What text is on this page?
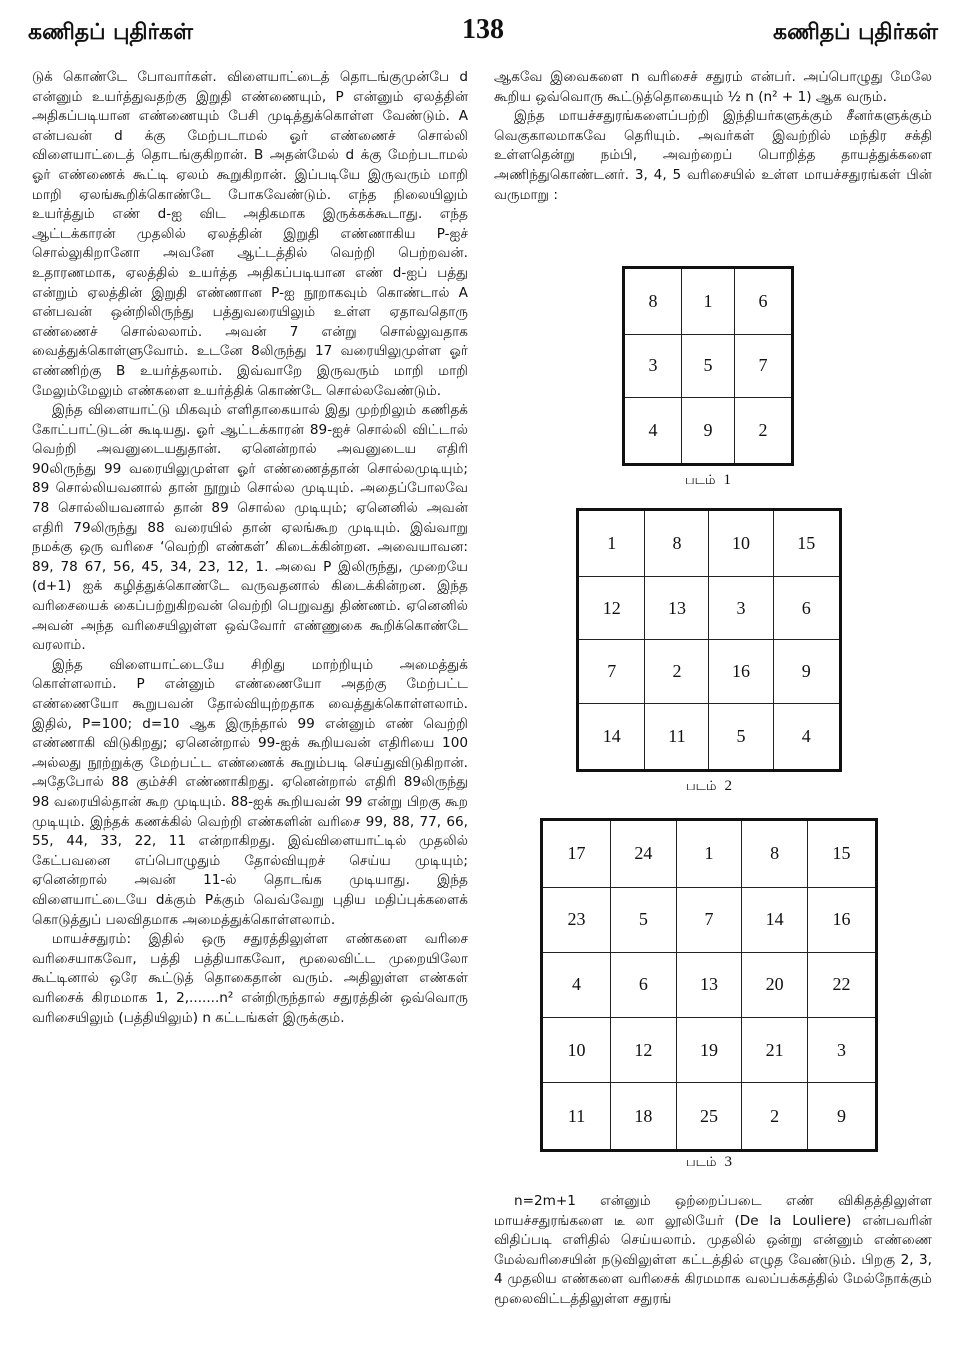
கணிதப் புதிர்கள்	138	கணிதப் புதிர்கள்

டுக் கொண்டே போவார்கள். விளையாட்டைத் தொடங்குமுன்பே d என்னும் உயர்த்துவதற்கு இறுதி எண்ணையும், P என்னும் ஏலத்தின் அதிகப்படியான எண்ணையும் பேசி முடித்துக்கொள்ள வேண்டும். A என்பவன் d க்கு மேற்படாமல் ஓர் எண்ணைச் சொல்லி விளையாட்டைத் தொடங்குகிறான். B அதன்மேல் d க்கு மேற்படாமல் ஓர் எண்ணைக் கூட்டி ஏலம் கூறுகிறான். இப்படியே இருவரும் மாறி மாறி ஏலங்கூறிக்கொண்டே போகவேண்டும். எந்த நிலையிலும் உயர்த்தும் எண் d-ஐ விட அதிகமாக இருக்கக்கூடாது. எந்த ஆட்டக்காரன் முதலில் ஏலத்தின் இறுதி எண்ணாகிய P-ஐச் சொல்லுகிறானோ அவனே ஆட்டத்தில் வெற்றி பெற்றவன். உதாரணமாக, ஏலத்தில் உயர்த்த அதிகப்படியான எண் d-ஐப் பத்து என்றும் ஏலத்தின் இறுதி எண்ணான P-ஐ நூறாகவும் கொண்டால் A என்பவன் ஒன்றிலிருந்து பத்துவரையிலும் உள்ள ஏதாவதொரு எண்ணைச் சொல்லலாம். அவன் 7 என்று சொல்லுவதாக வைத்துக்கொள்ளுவோம். உடனே 8லிருந்து 17 வரையிலுமுள்ள ஓர் எண்ணிற்கு B உயர்த்தலாம். இவ்வாறே இருவரும் மாறி மாறி மேலும்மேலும் எண்களை உயர்த்திக் கொண்டே சொல்லவேண்டும்.

இந்த விளையாட்டு மிகவும் எளிதாகையால் இது முற்றிலும் கணிதக் கோட்பாட்டுடன் கூடியது. ஓர் ஆட்டக்காரன் 89-ஐச் சொல்லி விட்டால் வெற்றி அவனுடையதுதான். ஏனென்றால் அவனுடைய எதிரி 90லிருந்து 99 வரையிலுமுள்ள ஓர் எண்ணைத்தான் சொல்லமுடியும்; 89 சொல்லியவனால் தான் நூறும் சொல்ல முடியும். அதைப்போலவே 78 சொல்லியவனால் தான் 89 சொல்ல முடியும்; ஏனெனில் அவன் எதிரி 79லிருந்து 88 வரையில் தான் ஏலங்கூற முடியும். இவ்வாறு நமக்கு ஒரு வரிசை ‘வெற்றி எண்கள்’ கிடைக்கின்றன. அவையாவன: 89, 78 67, 56, 45, 34, 23, 12, 1. அவை P இலிருந்து, முறையே (d+1) ஐக் கழித்துக்கொண்டே வருவதனால் கிடைக்கின்றன. இந்த வரிசையைக் கைப்பற்றுகிறவன் வெற்றி பெறுவது திண்ணம். ஏனெனில் அவன் அந்த வரிசையிலுள்ள ஒவ்வோர் எண்ணுகை கூறிக்கொண்டே வரலாம்.

இந்த விளையாட்டையே சிறிது மாற்றியும் அமைத்துக் கொள்ளலாம். P என்னும் எண்ணையோ அதற்கு மேற்பட்ட எண்ணையோ கூறுபவன் தோல்வியுற்றதாக வைத்துக்கொள்ளலாம். இதில், P=100; d=10 ஆக இருந்தால் 99 என்னும் எண் வெற்றி எண்ணாகி விடுகிறது; ஏனென்றால் 99-ஐக் கூறியவன் எதிரியை 100 அல்லது நூற்றுக்கு மேற்பட்ட எண்ணைக் கூறும்படி செய்துவிடுகிறான். அதேபோல் 88 கும்ச்சி எண்ணாகிறது. ஏனென்றால் எதிரி 89லிருந்து 98 வரையில்தான் கூற முடியும். 88-ஐக் கூறியவன் 99 என்று பிறகு கூற முடியும். இந்தக் கணக்கில் வெற்றி எண்களின் வரிசை 99, 88, 77, 66, 55, 44, 33, 22, 11 என்றாகிறது. இவ்விளையாட்டில் முதலில் கேட்பவனை எப்பொழுதும் தோல்வியுறச் செய்ய முடியும்; ஏனென்றால் அவன் 11-ல் தொடங்க முடியாது. இந்த விளையாட்டையே dக்கும் Pக்கும் வெவ்வேறு புதிய மதிப்புக்களைக் கொடுத்துப் பலவிதமாக அமைத்துக்கொள்ளலாம்.

மாயச்சதுரம்: இதில் ஒரு சதுரத்திலுள்ள எண்களை வரிசை வரிசையாகவோ, பத்தி பத்தியாகவோ, மூலைவிட்ட முறையிலோ கூட்டினால் ஒரே கூட்டுத் தொகைதான் வரும். அதிலுள்ள எண்கள் வரிசைக் கிரமமாக 1, 2,.......n² என்றிருந்தால் சதுரத்தின் ஒவ்வொரு வரிசையிலும் (பத்தியிலும்) n கட்டங்கள் இருக்கும்.

ஆகவே இவைகளை n வரிசைச் சதுரம் என்பர். அப்பொழுது மேலே கூறிய ஒவ்வொரு கூட்டுத்தொகையும் ½ n (n² + 1) ஆக வரும்.

இந்த மாயச்சதுரங்களைப்பற்றி இந்தியர்களுக்கும் சீனர்களுக்கும் வெகுகாலமாகவே தெரியும். அவர்கள் இவற்றில் மந்திர சக்தி உள்ளதென்று நம்பி, அவற்றைப் பொறித்த தாயத்துக்களை அணிந்துகொண்டனர். 3, 4, 5 வரிசையில் உள்ள மாயச்சதுரங்கள் பின் வருமாறு :

8	1	6
3	5	7
4	9	2
படம் 1
1	8	10	15
12	13	3	6
7	2	16	9
14	11	5	4
படம் 2
17	24	1	8	15
23	5	7	14	16
4	6	13	20	22
10	12	19	21	3
11	18	25	2	9
படம் 3

n=2m+1 என்னும் ஒற்றைப்படை எண் விகிதத்திலுள்ள மாயச்சதுரங்களை டீ லா லூலியேர் (De la Louliere) என்பவரின் விதிப்படி எளிதில் செய்யலாம். முதலில் ஒன்று என்னும் எண்ணை மேல்வரிசையின் நடுவிலுள்ள கட்டத்தில் எழுத வேண்டும். பிறகு 2, 3, 4 முதலிய எண்களை வரிசைக் கிரமமாக வலப்பக்கத்தில் மேல்நோக்கும் மூலைவிட்டத்திலுள்ள சதுரங்
